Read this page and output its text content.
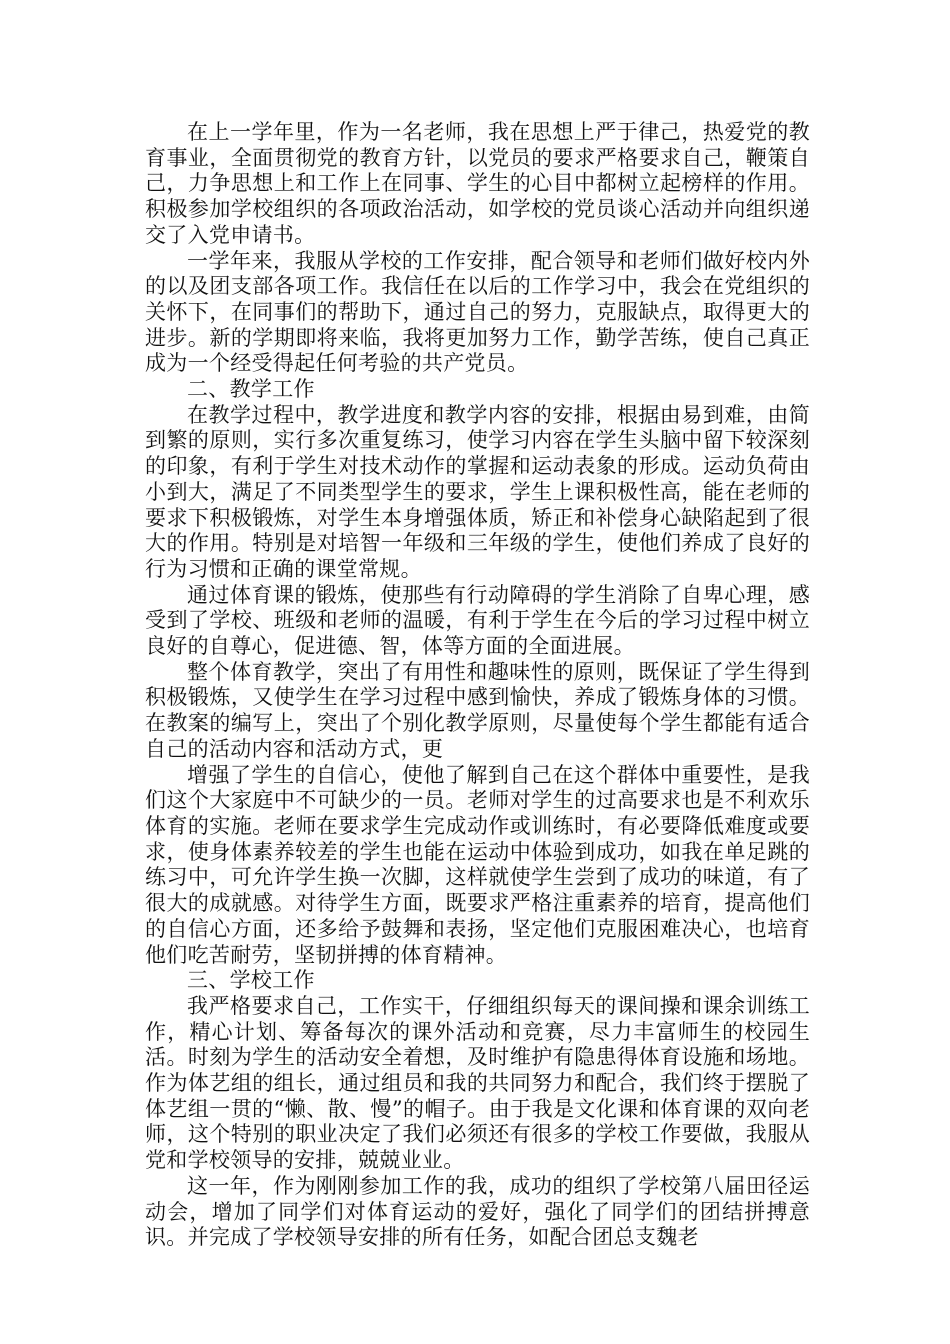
在上一学年里，作为一名老师，我在思想上严于律己，热爱党的教育事业，全面贯彻党的教育方针，以党员的要求严格要求自己，鞭策自己，力争思想上和工作上在同事、学生的心目中都树立起榜样的作用。积极参加学校组织的各项政治活动，如学校的党员谈心活动并向组织递交了入党申请书。

一学年来，我服从学校的工作安排，配合领导和老师们做好校内外的以及团支部各项工作。我信任在以后的工作学习中，我会在党组织的关怀下，在同事们的帮助下，通过自己的努力，克服缺点，取得更大的进步。新的学期即将来临，我将更加努力工作，勤学苦练，使自己真正成为一个经受得起任何考验的共产党员。

二、教学工作

在教学过程中，教学进度和教学内容的安排，根据由易到难，由简到繁的原则，实行多次重复练习，使学习内容在学生头脑中留下较深刻的印象，有利于学生对技术动作的掌握和运动表象的形成。运动负荷由小到大，满足了不同类型学生的要求，学生上课积极性高，能在老师的要求下积极锻炼，对学生本身增强体质，矫正和补偿身心缺陷起到了很大的作用。特别是对培智一年级和三年级的学生，使他们养成了良好的行为习惯和正确的课堂常规。

通过体育课的锻炼，使那些有行动障碍的学生消除了自卑心理，感受到了学校、班级和老师的温暖，有利于学生在今后的学习过程中树立良好的自尊心，促进德、智，体等方面的全面进展。

整个体育教学，突出了有用性和趣味性的原则，既保证了学生得到积极锻炼，又使学生在学习过程中感到愉快，养成了锻炼身体的习惯。在教案的编写上，突出了个别化教学原则，尽量使每个学生都能有适合自己的活动内容和活动方式，更

增强了学生的自信心，使他了解到自己在这个群体中重要性，是我们这个大家庭中不可缺少的一员。老师对学生的过高要求也是不利欢乐体育的实施。老师在要求学生完成动作或训练时，有必要降低难度或要求，使身体素养较差的学生也能在运动中体验到成功，如我在单足跳的练习中，可允许学生换一次脚，这样就使学生尝到了成功的味道，有了很大的成就感。对待学生方面，既要求严格注重素养的培育，提高他们的自信心方面，还多给予鼓舞和表扬，坚定他们克服困难决心，也培育他们吃苦耐劳，坚韧拼搏的体育精神。

三、学校工作

我严格要求自己，工作实干，仔细组织每天的课间操和课余训练工作，精心计划、筹备每次的课外活动和竞赛，尽力丰富师生的校园生活。时刻为学生的活动安全着想，及时维护有隐患得体育设施和场地。作为体艺组的组长，通过组员和我的共同努力和配合，我们终于摆脱了体艺组一贯的“懒、散、慢”的帽子。由于我是文化课和体育课的双向老师，这个特别的职业决定了我们必须还有很多的学校工作要做，我服从党和学校领导的安排，兢兢业业。

这一年，作为刚刚参加工作的我，成功的组织了学校第八届田径运动会，增加了同学们对体育运动的爱好，强化了同学们的团结拼搏意识。并完成了学校领导安排的所有任务，如配合团总支魏老
